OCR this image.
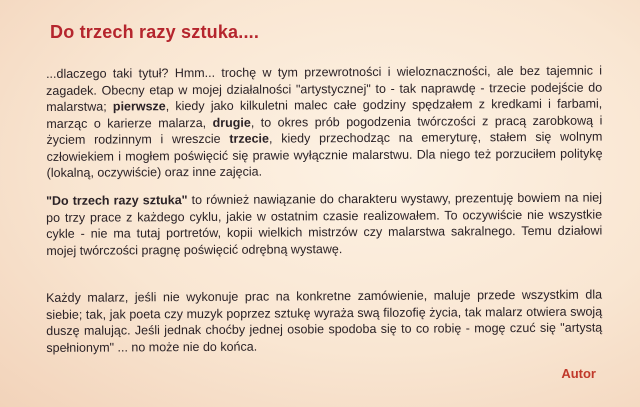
Do trzech razy sztuka....

...dlaczego taki tytuł? Hmm... trochę w tym przewrotności i wieloznaczności, ale bez tajemnic i zagadek. Obecny etap w mojej działalności "artystycznej" to - tak naprawdę - trzecie podejście do malarstwa; pierwsze, kiedy jako kilkuletni malec całe godziny spędzałem z kredkami i farbami, marząc o karierze malarza, drugie, to okres prób pogodzenia twórczości z pracą zarobkową i życiem rodzinnym i wreszcie trzecie, kiedy przechodząc na emeryturę, stałem się wolnym człowiekiem i mogłem poświęcić się prawie wyłącznie malarstwu. Dla niego też porzuciłem politykę (lokalną, oczywiście) oraz inne zajęcia.

"Do trzech razy sztuka" to również nawiązanie do charakteru wystawy, prezentuję bowiem na niej po trzy prace z każdego cyklu, jakie w ostatnim czasie realizowałem. To oczywiście nie wszystkie cykle - nie ma tutaj portretów, kopii wielkich mistrzów czy malarstwa sakralnego. Temu działowi mojej twórczości pragnę poświęcić odrębną wystawę.

Każdy malarz, jeśli nie wykonuje prac na konkretne zamówienie, maluje przede wszystkim dla siebie; tak, jak poeta czy muzyk poprzez sztukę wyraża swą filozofię życia, tak malarz otwiera swoją duszę malując. Jeśli jednak choćby jednej osobie spodoba się to co robię - mogę czuć się "artystą spełnionym" ... no może nie do końca.

Autor
